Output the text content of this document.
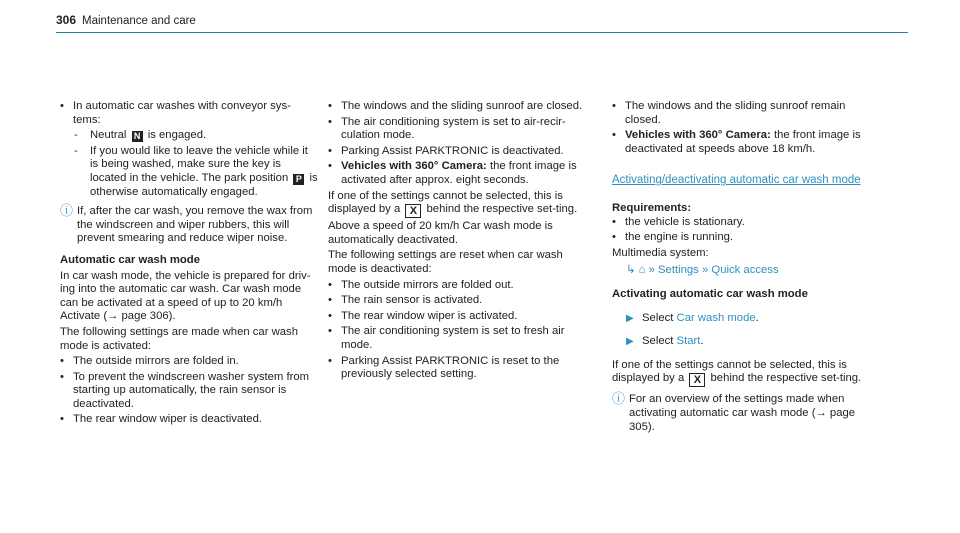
306 Maintenance and care
• In automatic car washes with conveyor sys-tems:
- Neutral N is engaged.
- If you would like to leave the vehicle while it is being washed, make sure the key is located in the vehicle. The park position P is otherwise automatically engaged.
ⓘ If, after the car wash, you remove the wax from the windscreen and wiper rubbers, this will prevent smearing and reduce wiper noise.
Automatic car wash mode
In car wash mode, the vehicle is prepared for driv-ing into the automatic car wash. Car wash mode can be activated at a speed of up to 20 km/h Activate (→ page 306).
The following settings are made when car wash mode is activated:
• The outside mirrors are folded in.
• To prevent the windscreen washer system from starting up automatically, the rain sensor is deactivated.
• The rear window wiper is deactivated.
• The windows and the sliding sunroof are closed.
• The air conditioning system is set to air-recir-culation mode.
• Parking Assist PARKTRONIC is deactivated.
• Vehicles with 360° Camera: the front image is activated after approx. eight seconds.
If one of the settings cannot be selected, this is displayed by a X behind the respective set-ting.
Above a speed of 20 km/h Car wash mode is automatically deactivated.
The following settings are reset when car wash mode is deactivated:
• The outside mirrors are folded out.
• The rain sensor is activated.
• The rear window wiper is activated.
• The air conditioning system is set to fresh air mode.
• Parking Assist PARKTRONIC is reset to the previously selected setting.
• The windows and the sliding sunroof remain closed.
• Vehicles with 360° Camera: the front image is deactivated at speeds above 18 km/h.
Activating/deactivating automatic car wash mode
Requirements:
• the vehicle is stationary.
• the engine is running.
Multimedia system:
↳ ⌂ » Settings » Quick access
Activating automatic car wash mode
▶ Select Car wash mode.
▶ Select Start.
If one of the settings cannot be selected, this is displayed by a X behind the respective set-ting.
ⓘ For an overview of the settings made when activating automatic car wash mode (→ page 305).
